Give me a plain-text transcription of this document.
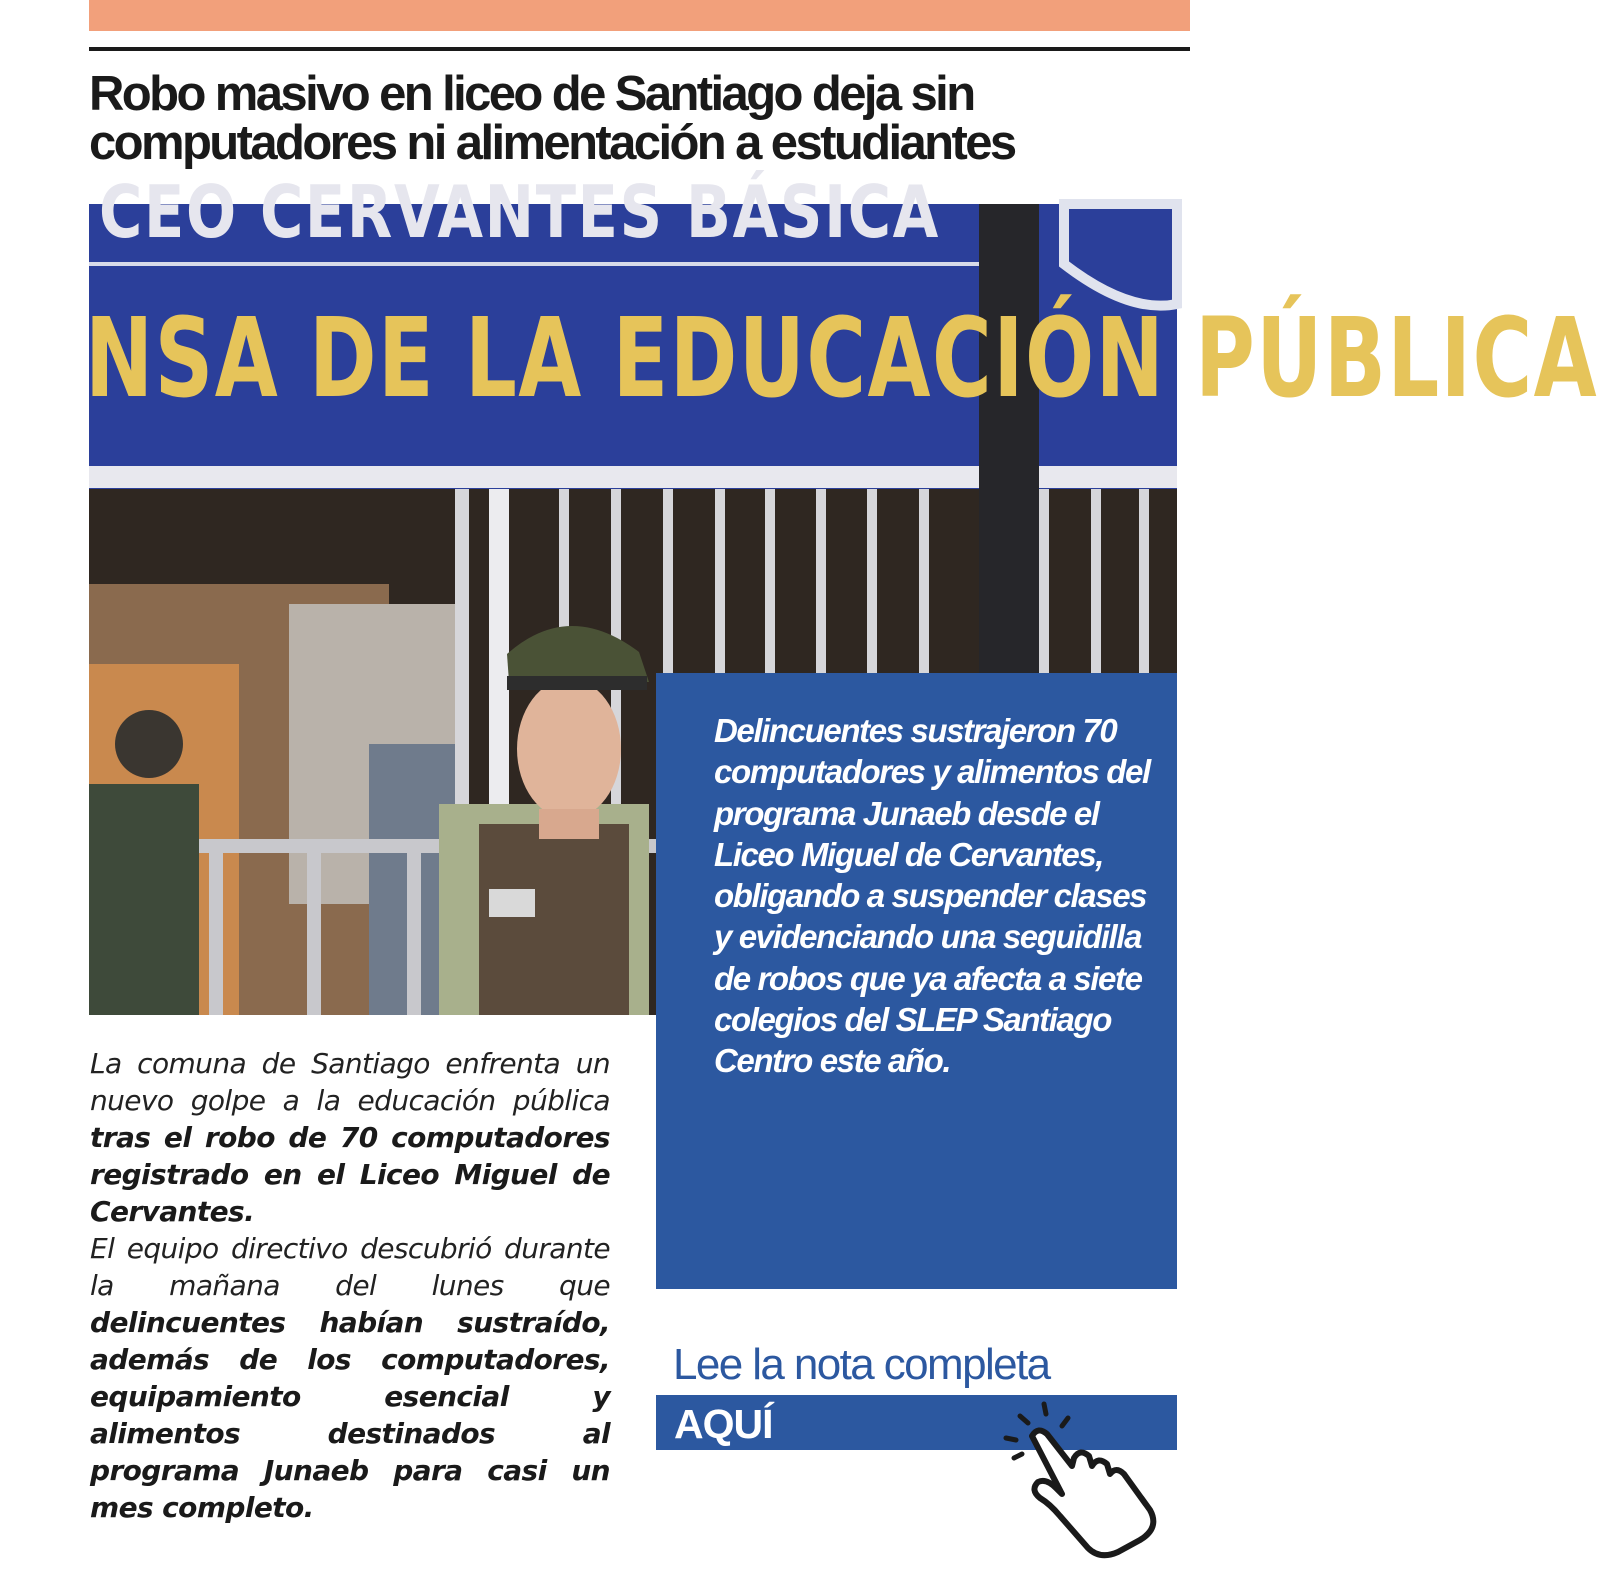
Robo masivo en liceo de Santiago deja sin computadores ni alimentación a estudiantes

CEO CERVANTES BÁSICA

NSA DE LA EDUCACIÓN PÚBLICA

Delincuentes sustrajeron 70 computadores y alimentos del programa Junaeb desde el Liceo Miguel de Cervantes, obligando a suspender clases y evidenciando una seguidilla de robos que ya afecta a siete colegios del SLEP Santiago Centro este año.

La comuna de Santiago enfrenta un nuevo golpe a la educación pública tras el robo de 70 computadores registrado en el Liceo Miguel de Cervantes.

El equipo directivo descubrió durante la mañana del lunes que delincuentes habían sustraído, además de los computadores, equipamiento esencial y alimentos destinados al programa Junaeb para casi un mes completo.

Lee la nota completa

AQUÍ
